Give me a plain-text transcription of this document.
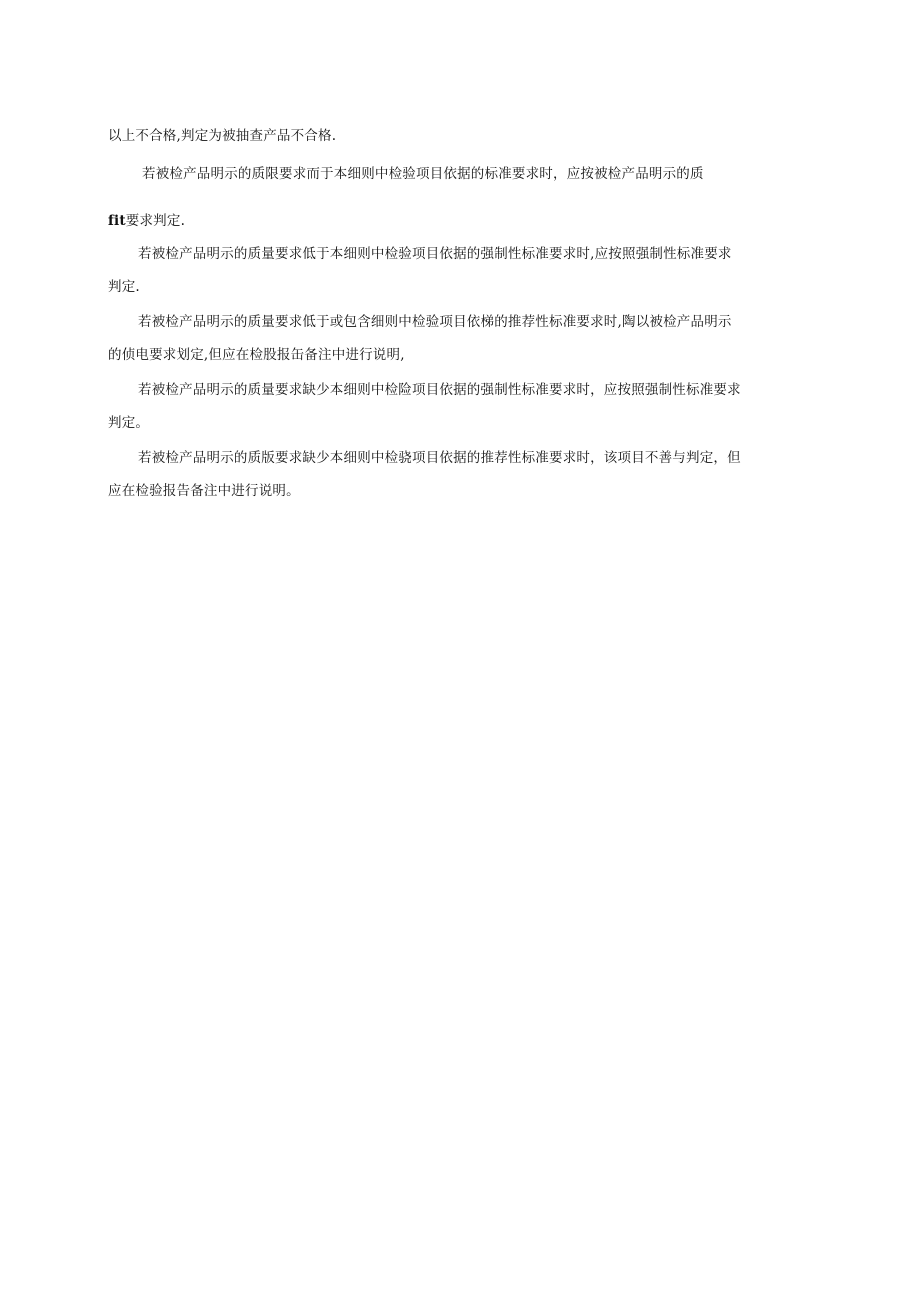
以上不合格,判定为被抽查产品不合格.

若被检产品明示的质限要求而于本细则中检验项目依据的标准要求时，应按被检产品明示的质

fit要求判定.

若被检产品明示的质量要求低于本细则中检验项目依据的强制性标准要求时,应按照强制性标准要求

判定.

若被检产品明示的质量要求低于或包含细则中检验项目依梯的推荐性标准要求时,陶以被检产品明示

的侦电要求划定,但应在检股报缶备注中进行说明,

若被检产品明示的质量要求缺少本细则中检险项目依据的强制性标准要求时，应按照强制性标准要求

判定。

若被检产品明示的质版要求缺少本细则中检骁项目依据的推荐性标准要求时，该项目不善与判定，但

应在检验报告备注中进行说明。
